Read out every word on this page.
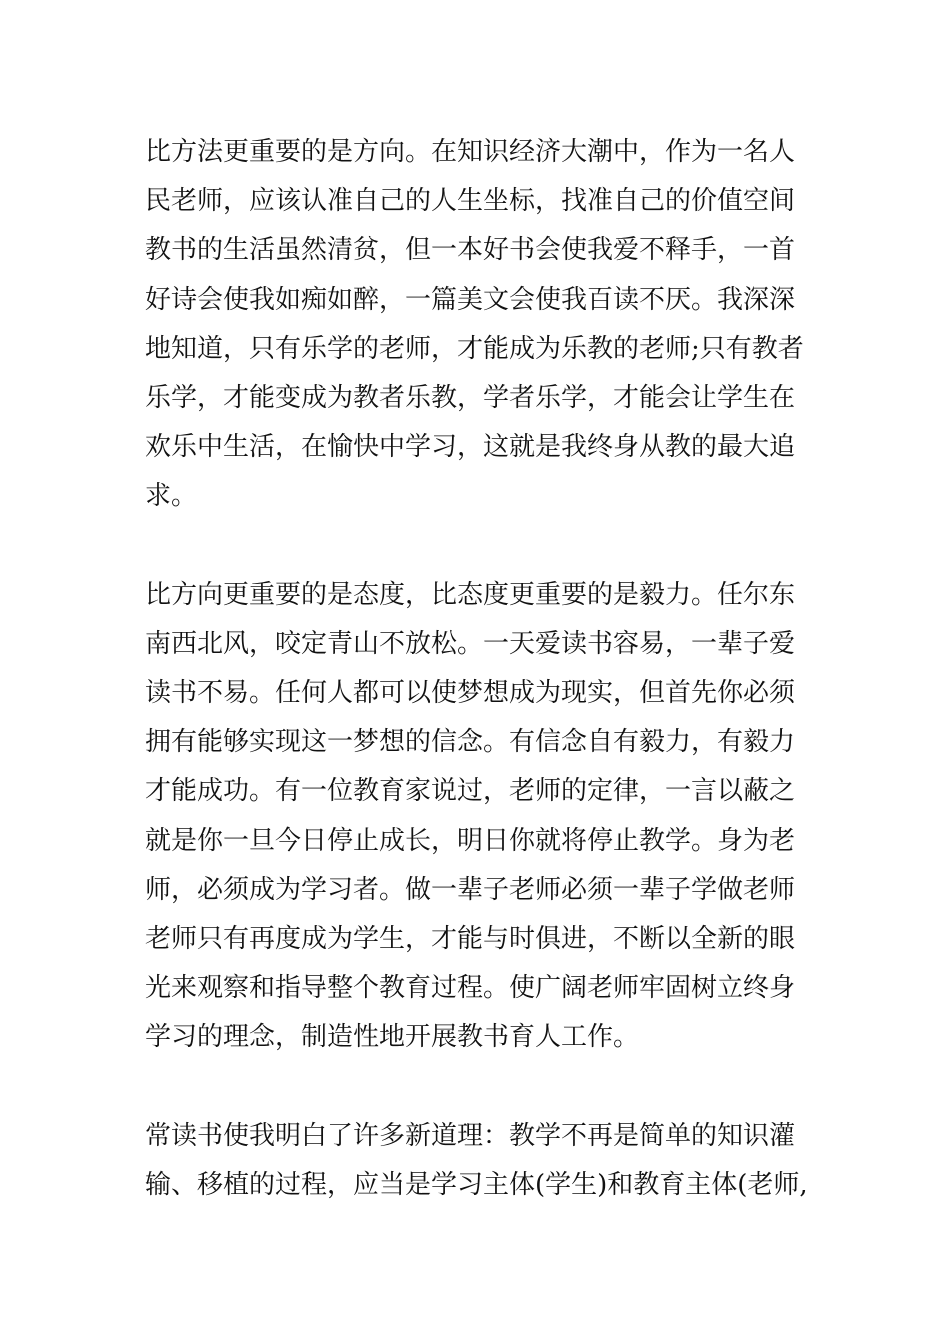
比方法更重要的是方向。在知识经济大潮中，作为一名人
民老师，应该认准自己的人生坐标，找准自己的价值空间
教书的生活虽然清贫，但一本好书会使我爱不释手，一首
好诗会使我如痴如醉，一篇美文会使我百读不厌。我深深
地知道，只有乐学的老师，才能成为乐教的老师;只有教者
乐学，才能变成为教者乐教，学者乐学，才能会让学生在
欢乐中生活，在愉快中学习，这就是我终身从教的最大追
求。
比方向更重要的是态度，比态度更重要的是毅力。任尔东
南西北风，咬定青山不放松。一天爱读书容易，一辈子爱
读书不易。任何人都可以使梦想成为现实，但首先你必须
拥有能够实现这一梦想的信念。有信念自有毅力，有毅力
才能成功。有一位教育家说过，老师的定律，一言以蔽之
就是你一旦今日停止成长，明日你就将停止教学。身为老
师，必须成为学习者。做一辈子老师必须一辈子学做老师
老师只有再度成为学生，才能与时俱进，不断以全新的眼
光来观察和指导整个教育过程。使广阔老师牢固树立终身
学习的理念，制造性地开展教书育人工作。
常读书使我明白了许多新道理：教学不再是简单的知识灌
输、移植的过程，应当是学习主体(学生)和教育主体(老师,
